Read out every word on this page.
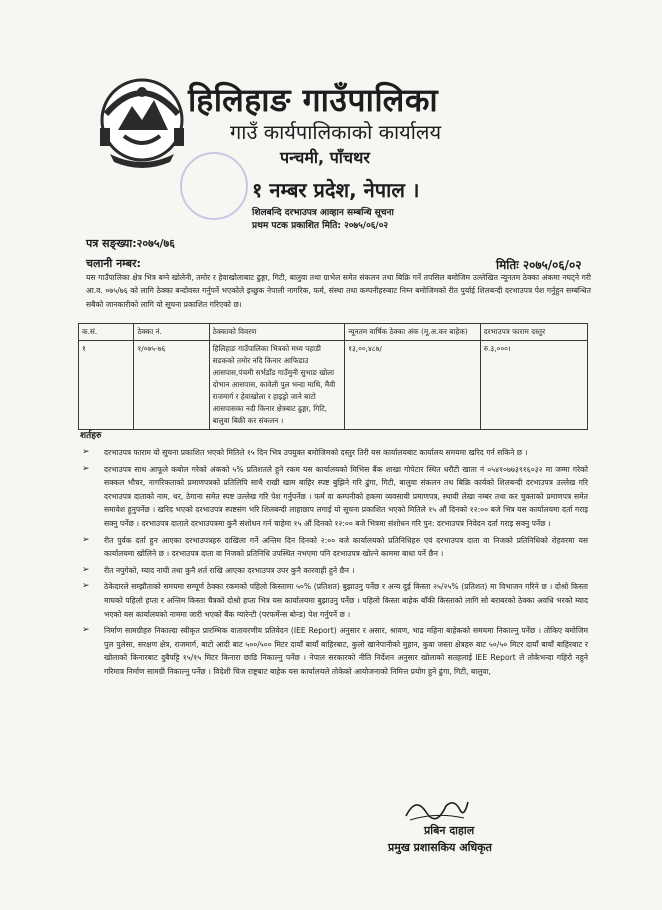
हिलिहाङ गाउँपालिका
गाउँ कार्यपालिकाको कार्यालय
पन्चमी, पाँचथर
१ नम्बर प्रदेश, नेपाल ।
शिलबन्दि दरभाउपत्र आव्हान सम्बन्धि सूचना
प्रथम पटक प्रकाशित मिति: २०७५/०६/०२
पत्र सङ्ख्या:२०७५/७६
चलानी नम्बर:	मितिः २०७५/०६/०२
यस गाउँपालिका क्षेत्र भित्र बग्ने खोलेनी, तमोर र हेवाखोलाबाट ढुङ्गा, गिटी, बालुवा तथा ग्राभेल समेत संकलन तथा बिक्रि गर्ने तपसिल बमोजिम उल्लेखित न्यूनतम ठेक्का अंकमा नघट्ने गरी आ.व. ०७५/७६ को लागि ठेक्का बन्दोवस्त गर्नुपर्ने भएकोले इच्छुक नेपाली नागरिक, फर्म, संस्था तथा कम्पनीहरुबाट निम्न बमोजिमको रीत पुर्याई शिलबन्दी दरभाउपत्र पेश गर्नुहुन सम्बन्धित सबैको जानकारीको लागि यो सूचना प्रकाशित गरिएको छ।
क.सं.	ठेक्का नं.	ठेक्काको विवरण	न्यूनतम वार्षिक ठेक्का अंक (मू.अ.कर बाहेक)	दरभाउपत्र फाराम दस्तुर
१	१/०७५-७६	हिलिहाङ गाउँपालिका भित्रको मध्य पहाडी सडकको तमोर नदि किनार आफिडाउ आसपास,पंचमी सर्भडाँड गाउँमुनी सुभाङ खोला दोभान आसपास, कावेली पुल भन्दा माथि, मैवी राजमार्ग र हेवाखोला र हाइड्रो जाने बाटो आसपासका नदी किनार क्षेत्रबाट ढुङ्गा, गिटि, बालुवा बिक्री कर संकलन ।	१३,००,४८७/	रु.३,०००।
शर्तहरु
➢ दरभाउपत्र फाराम यो सूचना प्रकाशित भएको मितिले १५ दिन भित्र उपयुक्त बमोजिमको दस्तुर तिरी यस कार्यालयबाट कार्यालय समयमा खरिद गर्न सकिने छ ।
➢ दरभाउपत्र साथ आफूले कबोल गरेको अंकको ५% प्रतिशतले हुने रकम यस कार्यालयको मिभिस बैंक शाखा गोपेटार स्थित धरौटी खाता नं ०५४१०७७३९१६०३२ मा जम्मा गरेको सक्कल भौचर, नागरिकताको प्रमाणपत्रको प्रतिलिपि साथै राखी खाम बाहिर स्पष्ट बुझिने गरि ढुंगा, गिटी, बालुवा संकलन तथ बिक्रि कार्यको शिलबन्दी दरभाउपत्र उल्लेख गरि दरभाउपत्र दाताको नाम, थर, ठेगाना समेत स्पष्ट उल्लेख गरि पेश गर्नुपर्नेछ । फर्म वा कम्पनीको हकमा व्यवसायी प्रमाणपत्र, स्थायी लेखा नम्बर तथा कर चुक्ताको प्रमाणपत्र समेत समावेश हुनुपर्नेछ । खरिद भएको दरभाउपत्र स्पष्टसंग भरि शिलबन्दी लाहाछाप लगाई यो सूचना प्रकाशित भएको मितिले १५ औं दिनको १२:०० बजे भित्र यस कार्यालयमा दर्ता गराइ सक्नु पर्नेछ । दरभाउपत्र दाताले दरभाउपत्रमा कुनै संशोधन गर्न चाहेमा १५ औं दिनको १२:०० बजे भित्रमा संशोधन गरि पुन: दरभाउपत्र निवेदन दर्ता गराइ सक्नु पर्नेछ ।
➢ रीत पुर्वक दर्ता हुन आएका दरभाउपत्रहरु दाखिला गर्ने अन्तिम दिन दिनको २:०० बजे कार्यालयको प्रतिनिधिहरु एवं दरभाउपत्र दाता वा निजको प्रतिनिधिको रोहवरमा यस कार्यालयमा खोलिने छ । दरभाउपत्र दाता वा निजको प्रतिनिधि उपस्थित नभएमा पनि दरभाउपत्र खोल्ने काममा बाधा पर्ने छैन ।
➢ रीत नपुगेको, म्याद नाघी तथा कुनै शर्त राखि आएका दरभाउपत्र उपर कुनै कारवाही हुने छैन ।
➢ ठेकेदारले सम्झौताको समयमा सम्पूर्ण ठेक्का रकमको पहिलो किस्तामा ५०% (प्रतिशत) बुझाउनु पर्नेछ र अन्य दुई किस्ता २५/२५% (प्रतिशत) मा विभाजन गरिने छ । दोश्रो किस्ता माघको पहिलो हप्ता र अन्तिम किस्ता चैत्रको दोश्रो हप्ता भित्र यस कार्यालयमा बुझाउनु पर्नेछ । पहिलो किस्ता बाहेक बाँकी किस्ताको लागि सो बराबरको ठेक्का अवधि भरको म्याद भएको यस कार्यालयको नाममा जारी भएको बैंक ग्यारेन्टी (परफर्मेन्स बोन्ड) पेश गर्नुपर्ने छ ।
➢ निर्माण सामग्रीहरु निकाल्दा स्वीकृत प्रारम्भिक वातावरणीय प्रतिवेदन (IEE Report) अनुसार र असार, श्रावण, भाद्र महिना बाहेकको समयमा निकाल्नु पर्नेछ । तोकिए बमोजिम पुल पुलेसा, सरक्षण क्षेत्र, राजमार्ग, बाटो आदी बाट ५००/५०० मिटर दायाँ बायाँ बाहिरबाट, कुलो खानेपानीको मुहान, कुवा जस्ता क्षेत्रहरु बाट ५०/५० मिटर दायाँ बायाँ बाहिरबाट र खोलाको किनारबाट दुबैपट्टि १५/१५ मिटर किनारा छाडि निकाल्नु पर्नेछ । नेपाल सरकारको नीति निर्देशन अनुसार खोलाको सतहलाई IEE Report ले तोकेभन्दा गहिरो नहुने गरिमात्र निर्माण सामग्री निकाल्नु पर्नेछ । विदेशी चिज राष्ट्रबाट बाहेक यस कार्यालयले तोकेको आयोजनाको निमित्त प्रयोग हुने ढुंगा, गिटी, बालुवा,
प्रबिन दाहाल
प्रमुख प्रशासकिय अधिकृत
